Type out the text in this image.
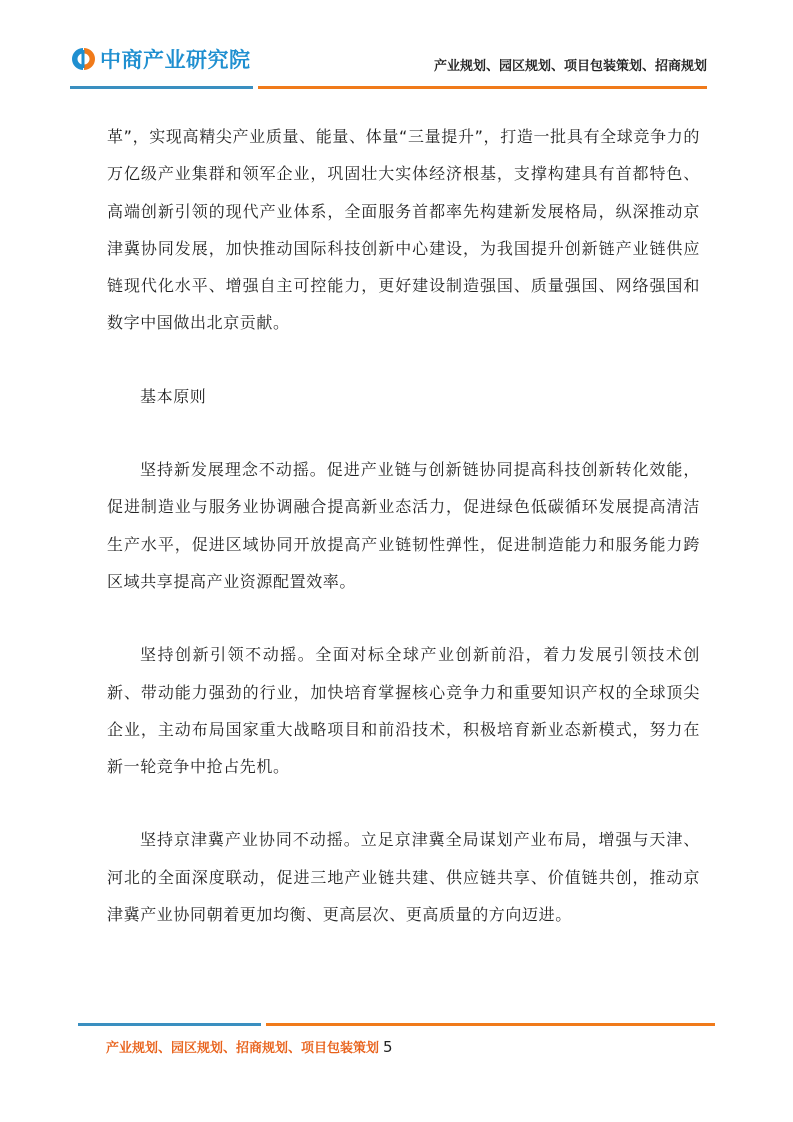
中商产业研究院	产业规划、园区规划、项目包装策划、招商规划

革”，实现高精尖产业质量、能量、体量“三量提升”，打造一批具有全球竞争力的万亿级产业集群和领军企业，巩固壮大实体经济根基，支撑构建具有首都特色、高端创新引领的现代产业体系，全面服务首都率先构建新发展格局，纵深推动京津冀协同发展，加快推动国际科技创新中心建设，为我国提升创新链产业链供应链现代化水平、增强自主可控能力，更好建设制造强国、质量强国、网络强国和数字中国做出北京贡献。

基本原则

坚持新发展理念不动摇。促进产业链与创新链协同提高科技创新转化效能，促进制造业与服务业协调融合提高新业态活力，促进绿色低碳循环发展提高清洁生产水平，促进区域协同开放提高产业链韧性弹性，促进制造能力和服务能力跨区域共享提高产业资源配置效率。

坚持创新引领不动摇。全面对标全球产业创新前沿，着力发展引领技术创新、带动能力强劲的行业，加快培育掌握核心竞争力和重要知识产权的全球顶尖企业，主动布局国家重大战略项目和前沿技术，积极培育新业态新模式，努力在新一轮竞争中抢占先机。

坚持京津冀产业协同不动摇。立足京津冀全局谋划产业布局，增强与天津、河北的全面深度联动，促进三地产业链共建、供应链共享、价值链共创，推动京津冀产业协同朝着更加均衡、更高层次、更高质量的方向迈进。

产业规划、园区规划、招商规划、项目包装策划 5
